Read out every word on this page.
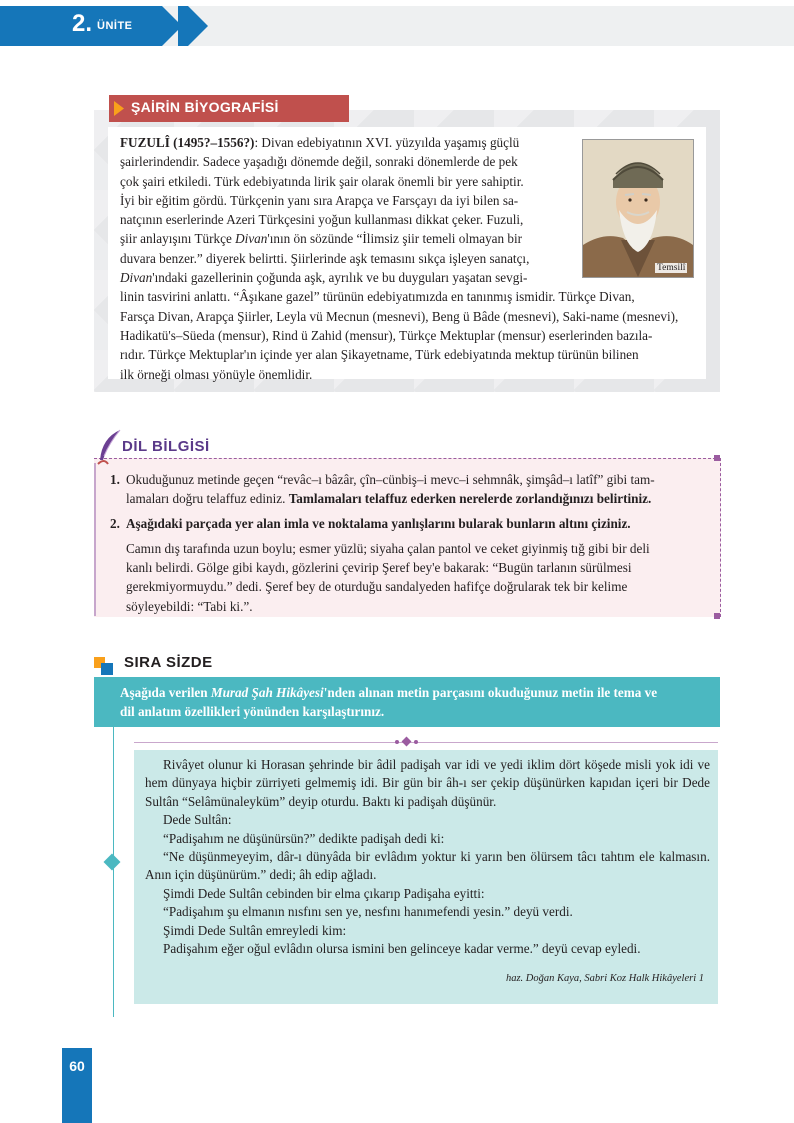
2. ÜNİTE
ŞAİRİN BİYOGRAFİSİ
Temsilî
FUZULÎ (1495?–1556?): Divan edebiyatının XVI. yüzyılda yaşamış güçlü
şairlerindendir. Sadece yaşadığı dönemde değil, sonraki dönemlerde de pek
çok şairi etkiledi. Türk edebiyatında lirik şair olarak önemli bir yere sahiptir.
İyi bir eğitim gördü. Türkçenin yanı sıra Arapça ve Farsçayı da iyi bilen sa-
natçının eserlerinde Azeri Türkçesini yoğun kullanması dikkat çeker. Fuzuli,
şiir anlayışını Türkçe Divan'ının ön sözünde “İlimsiz şiir temeli olmayan bir
duvara benzer.” diyerek belirtti. Şiirlerinde aşk temasını sıkça işleyen sanatçı,
Divan'ındaki gazellerinin çoğunda aşk, ayrılık ve bu duyguları yaşatan sevgi-
linin tasvirini anlattı. “Âşıkane gazel” türünün edebiyatımızda en tanınmış ismidir. Türkçe Divan,
Farsça Divan, Arapça Şiirler, Leyla vü Mecnun (mesnevi), Beng ü Bâde (mesnevi), Saki-name (mesnevi),
Hadikatü's–Süeda (mensur), Rind ü Zahid (mensur), Türkçe Mektuplar (mensur) eserlerinden bazıla-
rıdır. Türkçe Mektuplar'ın içinde yer alan Şikayetname, Türk edebiyatında mektup türünün bilinen
ilk örneği olması yönüyle önemlidir.
DİL BİLGİSİ
1. Okuduğunuz metinde geçen “revâc–ı bâzâr, çîn–cünbiş–i mevc–i sehmnâk, şimşâd–ı latîf” gibi tam-
lamaları doğru telaffuz ediniz. Tamlamaları telaffuz ederken nerelerde zorlandığınızı belirtiniz.
2. Aşağıdaki parçada yer alan imla ve noktalama yanlışlarını bularak bunların altını çiziniz.
Camın dış tarafında uzun boylu; esmer yüzlü; siyaha çalan pantol ve ceket giyinmiş tığ gibi bir deli
kanlı belirdi. Gölge gibi kaydı, gözlerini çevirip Şeref bey'e bakarak: “Bugün tarlanın sürülmesi
gerekmiyormuydu.” dedi. Şeref bey de oturduğu sandalyeden hafifçe doğrularak tek bir kelime
söyleyebildi: “Tabi ki.”.
SIRA SİZDE
Aşağıda verilen Murad Şah Hikâyesi'nden alınan metin parçasını okuduğunuz metin ile tema ve
dil anlatım özellikleri yönünden karşılaştırınız.
Rivâyet olunur ki Horasan şehrinde bir âdil padişah var idi ve yedi iklim dört köşede misli yok idi ve hem dünyaya hiçbir zürriyeti gelmemiş idi. Bir gün bir âh-ı ser çekip düşünürken kapıdan içeri bir Dede Sultân “Selâmünaleyküm” deyip oturdu. Baktı ki padişah düşünür.
Dede Sultân:
“Padişahım ne düşünürsün?” dedikte padişah dedi ki:
“Ne düşünmeyeyim, dâr-ı dünyâda bir evlâdım yoktur ki yarın ben ölürsem tâcı tahtım ele kalmasın. Anın için düşünürüm.” dedi; âh edip ağladı.
Şimdi Dede Sultân cebinden bir elma çıkarıp Padişaha eyitti:
“Padişahım şu elmanın nısfını sen ye, nesfını hanımefendi yesin.” deyü verdi.
Şimdi Dede Sultân emreyledi kim:
Padişahım eğer oğul evlâdın olursa ismini ben gelinceye kadar verme.” deyü cevap eyledi.
haz. Doğan Kaya, Sabri Koz Halk Hikâyeleri 1
60
